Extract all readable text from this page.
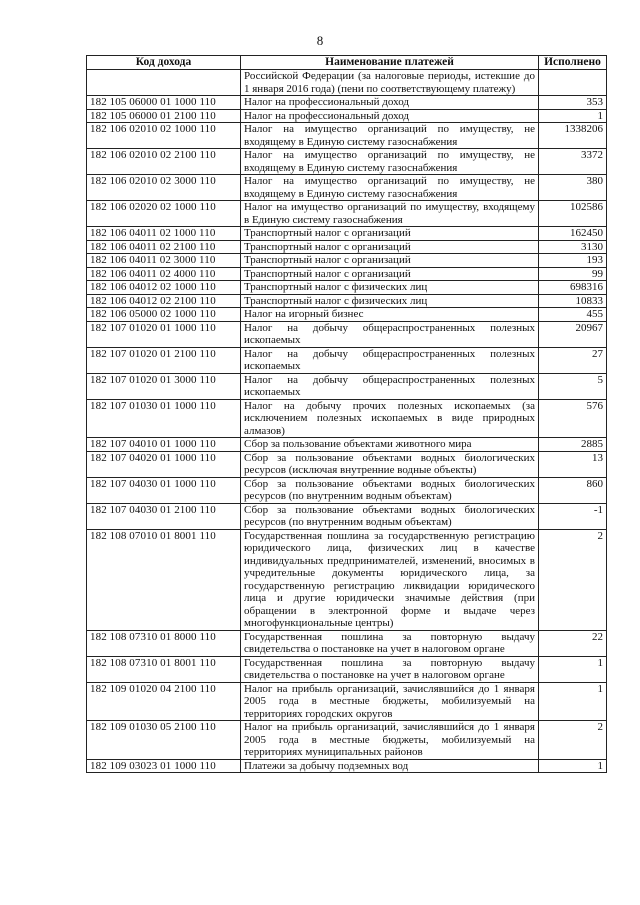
8
Код дохода	Наименование платежей	Исполнено
	Российской Федерации (за налоговые периоды, истекшие до 1 января 2016 года) (пени по соответствующему платежу)	
182 105 06000 01 1000 110	Налог на профессиональный доход	353
182 105 06000 01 2100 110	Налог на профессиональный доход	1
182 106 02010 02 1000 110	Налог на имущество организаций по имуществу, не входящему в Единую систему газоснабжения	1338206
182 106 02010 02 2100 110	Налог на имущество организаций по имуществу, не входящему в Единую систему газоснабжения	3372
182 106 02010 02 3000 110	Налог на имущество организаций по имуществу, не входящему в Единую систему газоснабжения	380
182 106 02020 02 1000 110	Налог на имущество организаций по имуществу, входящему в Единую систему газоснабжения	102586
182 106 04011 02 1000 110	Транспортный налог с организаций	162450
182 106 04011 02 2100 110	Транспортный налог с организаций	3130
182 106 04011 02 3000 110	Транспортный налог с организаций	193
182 106 04011 02 4000 110	Транспортный налог с организаций	99
182 106 04012 02 1000 110	Транспортный налог с физических лиц	698316
182 106 04012 02 2100 110	Транспортный налог с физических лиц	10833
182 106 05000 02 1000 110	Налог на игорный бизнес	455
182 107 01020 01 1000 110	Налог на добычу общераспространенных полезных ископаемых	20967
182 107 01020 01 2100 110	Налог на добычу общераспространенных полезных ископаемых	27
182 107 01020 01 3000 110	Налог на добычу общераспространенных полезных ископаемых	5
182 107 01030 01 1000 110	Налог на добычу прочих полезных ископаемых (за исключением полезных ископаемых в виде природных алмазов)	576
182 107 04010 01 1000 110	Сбор за пользование объектами животного мира	2885
182 107 04020 01 1000 110	Сбор за пользование объектами водных биологических ресурсов (исключая внутренние водные объекты)	13
182 107 04030 01 1000 110	Сбор за пользование объектами водных биологических ресурсов (по внутренним водным объектам)	860
182 107 04030 01 2100 110	Сбор за пользование объектами водных биологических ресурсов (по внутренним водным объектам)	-1
182 108 07010 01 8001 110	Государственная пошлина за государственную регистрацию юридического лица, физических лиц в качестве индивидуальных предпринимателей, изменений, вносимых в учредительные документы юридического лица, за государственную регистрацию ликвидации юридического лица и другие юридически значимые действия (при обращении в электронной форме и выдаче через многофункциональные центры)	2
182 108 07310 01 8000 110	Государственная пошлина за повторную выдачу свидетельства о постановке на учет в налоговом органе	22
182 108 07310 01 8001 110	Государственная пошлина за повторную выдачу свидетельства о постановке на учет в налоговом органе	1
182 109 01020 04 2100 110	Налог на прибыль организаций, зачислявшийся до 1 января 2005 года в местные бюджеты, мобилизуемый на территориях городских округов	1
182 109 01030 05 2100 110	Налог на прибыль организаций, зачислявшийся до 1 января 2005 года в местные бюджеты, мобилизуемый на территориях муниципальных районов	2
182 109 03023 01 1000 110	Платежи за добычу подземных вод	1
